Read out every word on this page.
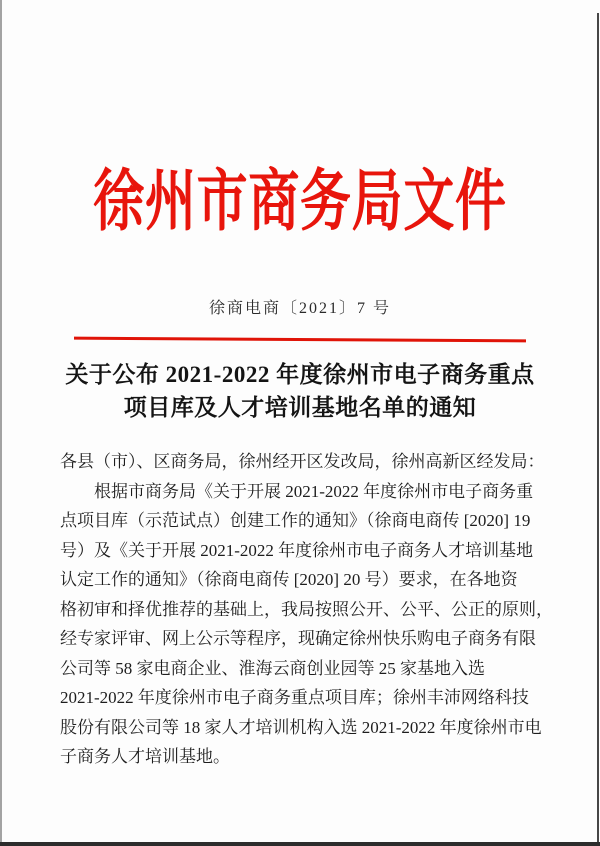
徐州市商务局文件
徐商电商〔2021〕7 号
关于公布 2021-2022 年度徐州市电子商务重点
项目库及人才培训基地名单的通知
各县（市）、区商务局，徐州经开区发改局，徐州高新区经发局：
根据市商务局《关于开展 2021-2022 年度徐州市电子商务重
点项目库（示范试点）创建工作的通知》（徐商电商传 [2020] 19
号）及《关于开展 2021-2022 年度徐州市电子商务人才培训基地
认定工作的通知》（徐商电商传 [2020] 20 号）要求，在各地资
格初审和择优推荐的基础上，我局按照公开、公平、公正的原则，
经专家评审、网上公示等程序，现确定徐州快乐购电子商务有限
公司等 58 家电商企业、淮海云商创业园等 25 家基地入选
2021-2022 年度徐州市电子商务重点项目库；徐州丰沛网络科技
股份有限公司等 18 家人才培训机构入选 2021-2022 年度徐州市电
子商务人才培训基地。
